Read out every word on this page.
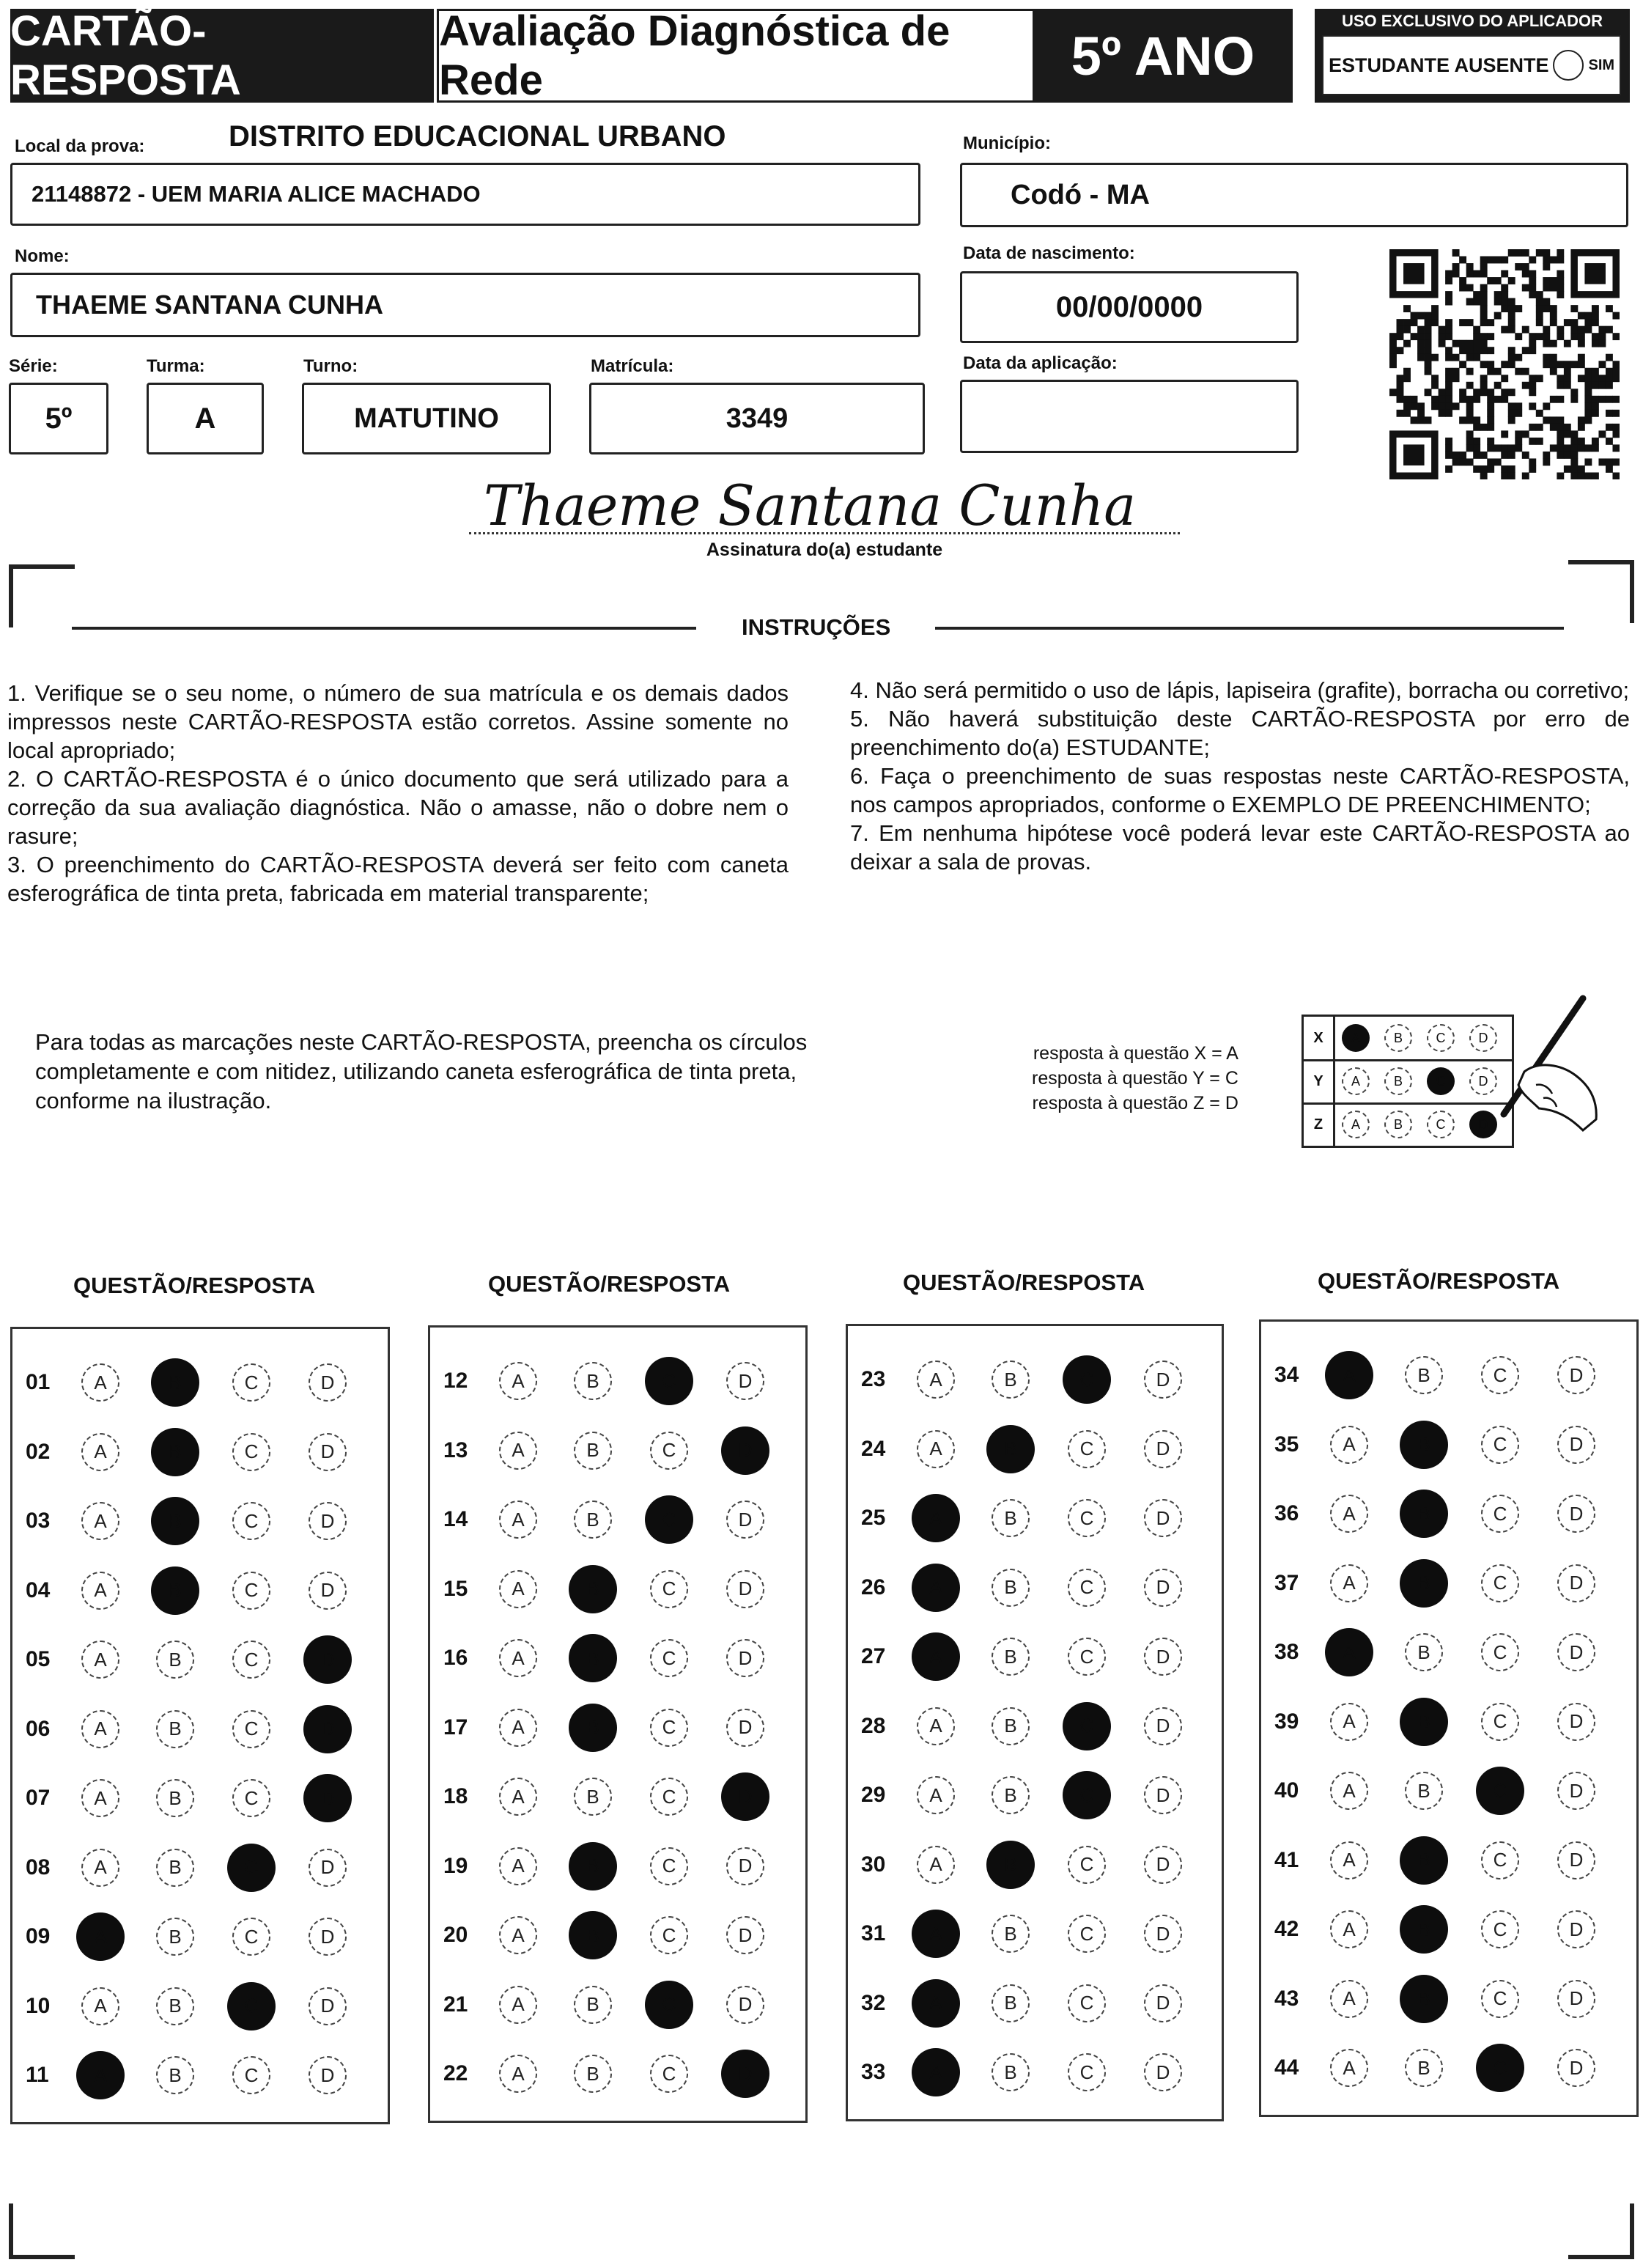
CARTÃO-RESPOSTA
Avaliação Diagnóstica de Rede	5º ANO
USO EXCLUSIVO DO APLICADOR
ESTUDANTE AUSENTE	SIM
Local da prova:	DISTRITO EDUCACIONAL URBANO
21148872 - UEM MARIA ALICE MACHADO
Município:
Codó - MA
Nome:
THAEME SANTANA CUNHA
Data de nascimento:
00/00/0000
Série:
5º
Turma:
A
Turno:
MATUTINO
Matrícula:
3349
Data da aplicação:
Thaeme Santana Cunha
Assinatura do(a) estudante
INSTRUÇÕES

1. Verifique se o seu nome, o número de sua matrícula e os demais dados impressos neste CARTÃO-RESPOSTA estão corretos. Assine somente no local apropriado;

2. O CARTÃO-RESPOSTA é o único documento que será utilizado para a correção da sua avaliação diagnóstica. Não o amasse, não o dobre nem o rasure;

3. O preenchimento do CARTÃO-RESPOSTA deverá ser feito com caneta esferográfica de tinta preta, fabricada em material transparente;

4. Não será permitido o uso de lápis, lapiseira (grafite), borracha ou corretivo;

5. Não haverá substituição deste CARTÃO-RESPOSTA por erro de preenchimento do(a) ESTUDANTE;

6. Faça o preenchimento de suas respostas neste CARTÃO-RESPOSTA, nos campos apropriados, conforme o EXEMPLO DE PREENCHIMENTO;

7. Em nenhuma hipótese você poderá levar este CARTÃO-RESPOSTA ao deixar a sala de provas.

Para todas as marcações neste CARTÃO-RESPOSTA, preencha os círculos completamente e com nitidez, utilizando caneta esferográfica de tinta preta, conforme na ilustração.
resposta à questão X = A
resposta à questão Y = C
resposta à questão Z = D
X	A	B	C	D
Y	A	B	C	D
Z	A	B	C	D
QUESTÃO/RESPOSTA	QUESTÃO/RESPOSTA	QUESTÃO/RESPOSTA	QUESTÃO/RESPOSTA
01	A	B	C	D
02	A	B	C	D
03	A	B	C	D
04	A	B	C	D
05	A	B	C	D
06	A	B	C	D
07	A	B	C	D
08	A	B	C	D
09	A	B	C	D
10	A	B	C	D
11	A	B	C	D
12	A	B	C	D
13	A	B	C	D
14	A	B	C	D
15	A	B	C	D
16	A	B	C	D
17	A	B	C	D
18	A	B	C	D
19	A	B	C	D
20	A	B	C	D
21	A	B	C	D
22	A	B	C	D
23	A	B	C	D
24	A	B	C	D
25	A	B	C	D
26	A	B	C	D
27	A	B	C	D
28	A	B	C	D
29	A	B	C	D
30	A	B	C	D
31	A	B	C	D
32	A	B	C	D
33	A	B	C	D
34	A	B	C	D
35	A	B	C	D
36	A	B	C	D
37	A	B	C	D
38	A	B	C	D
39	A	B	C	D
40	A	B	C	D
41	A	B	C	D
42	A	B	C	D
43	A	B	C	D
44	A	B	C	D
